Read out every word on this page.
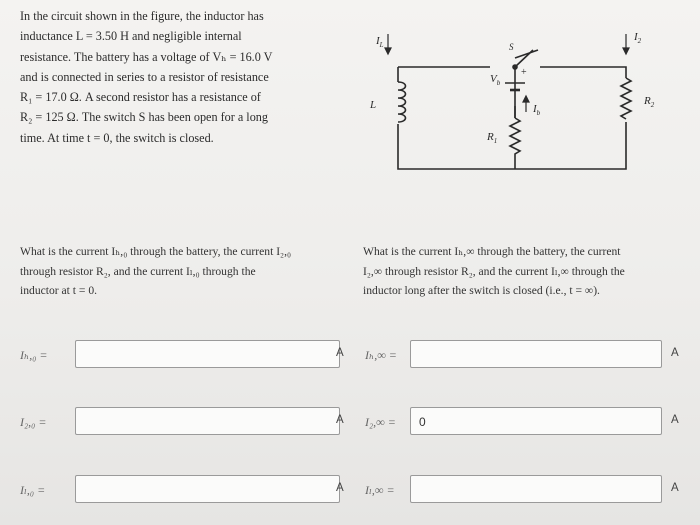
In the circuit shown in the figure, the inductor has
inductance L = 3.50 H and negligible internal
resistance. The battery has a voltage of Vₕ = 16.0 V
and is connected in series to a resistor of resistance
R₁ = 17.0 Ω. A second resistor has a resistance of
R₂ = 125 Ω. The switch S has been open for a long
time. At time t = 0, the switch is closed.

$I_L$
L
S
+
$V_b$
$I_b$
$R_1$
$I_2$
$R_2$

What is the current Iₕ,₀ through the battery, the current I₂,₀
through resistor R₂, and the current Iₗ,₀ through the
inductor at t = 0.

What is the current Iₕ,∞ through the battery, the current
I₂,∞ through resistor R₂, and the current Iₗ,∞ through the
inductor long after the switch is closed (i.e., t = ∞).

Iₕ,₀ =	A
I₂,₀ =	A
Iₗ,₀ =	A
Iₕ,∞ =	A
I₂,∞ =	0	A
Iₗ,∞ =	A
